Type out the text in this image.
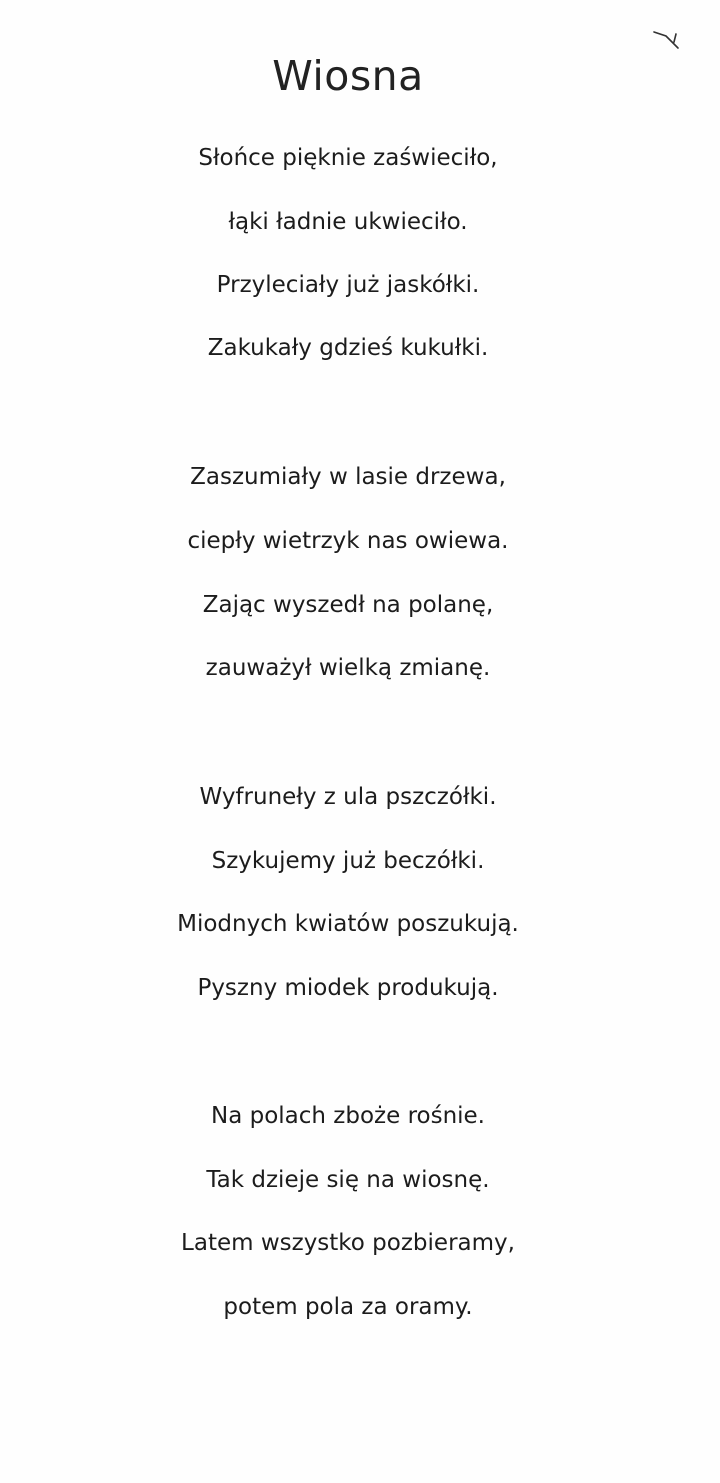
Wiosna
Słońce pięknie zaświeciło,
łąki ładnie ukwieciło.
Przyleciały już jaskółki.
Zakukały gdzieś kukułki.
Zaszumiały w lasie drzewa,
ciepły wietrzyk nas owiewa.
Zając wyszedł na polanę,
zauważył wielką zmianę.
Wyfruneły z ula pszczółki.
Szykujemy już beczółki.
Miodnych kwiatów poszukują.
Pyszny miodek produkują.
Na polach zboże rośnie.
Tak dzieje się na wiosnę.
Latem wszystko pozbieramy,
potem pola za oramy.
